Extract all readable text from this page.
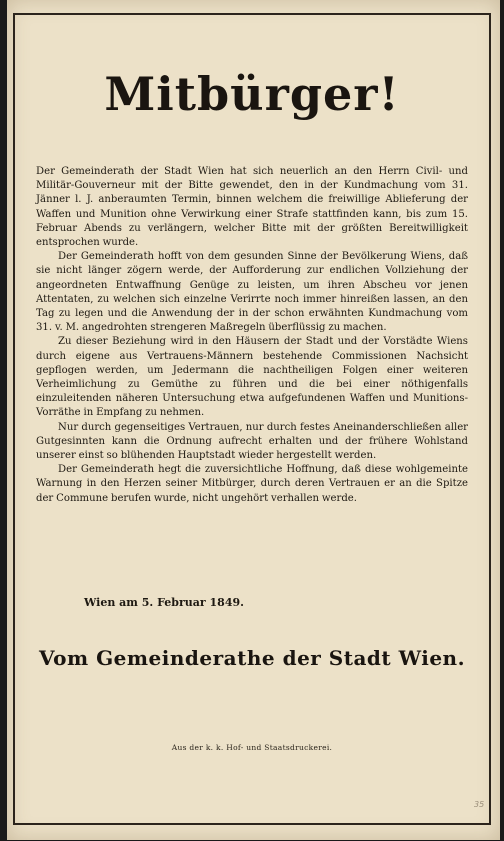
Mitbürger!

Der Gemeinderath der Stadt Wien hat sich neuerlich an den Herrn Civil- und Militär-Gouverneur mit der Bitte gewendet, den in der Kundmachung vom 31. Jänner l. J. anberaumten Termin, binnen welchem die freiwillige Ablieferung der Waffen und Munition ohne Verwirkung einer Strafe stattfinden kann, bis zum 15. Februar Abends zu verlängern, welcher Bitte mit der größten Bereitwilligkeit entsprochen wurde.

Der Gemeinderath hofft von dem gesunden Sinne der Bevölkerung Wiens, daß sie nicht länger zögern werde, der Aufforderung zur endlichen Vollziehung der angeordneten Entwaffnung Genüge zu leisten, um ihren Abscheu vor jenen Attentaten, zu welchen sich einzelne Verirrte noch immer hinreißen lassen, an den Tag zu legen und die Anwendung der in der schon erwähnten Kundmachung vom 31. v. M. angedrohten strengeren Maßregeln überflüssig zu machen.

Zu dieser Beziehung wird in den Häusern der Stadt und der Vorstädte Wiens durch eigene aus Vertrauens-Männern bestehende Commissionen Nachsicht gepflogen werden, um Jedermann die nachtheiligen Folgen einer weiteren Verheimlichung zu Gemüthe zu führen und die bei einer nöthigenfalls einzuleitenden näheren Untersuchung etwa aufgefundenen Waffen und Munitions-Vorräthe in Empfang zu nehmen.

Nur durch gegenseitiges Vertrauen, nur durch festes Aneinanderschließen aller Gutgesinnten kann die Ordnung aufrecht erhalten und der frühere Wohlstand unserer einst so blühenden Hauptstadt wieder hergestellt werden.

Der Gemeinderath hegt die zuversichtliche Hoffnung, daß diese wohlgemeinte Warnung in den Herzen seiner Mitbürger, durch deren Vertrauen er an die Spitze der Commune berufen wurde, nicht ungehört verhallen werde.

Wien am 5. Februar 1849.
Vom Gemeinderathe der Stadt Wien.
Aus der k. k. Hof- und Staatsdruckerei.
35
